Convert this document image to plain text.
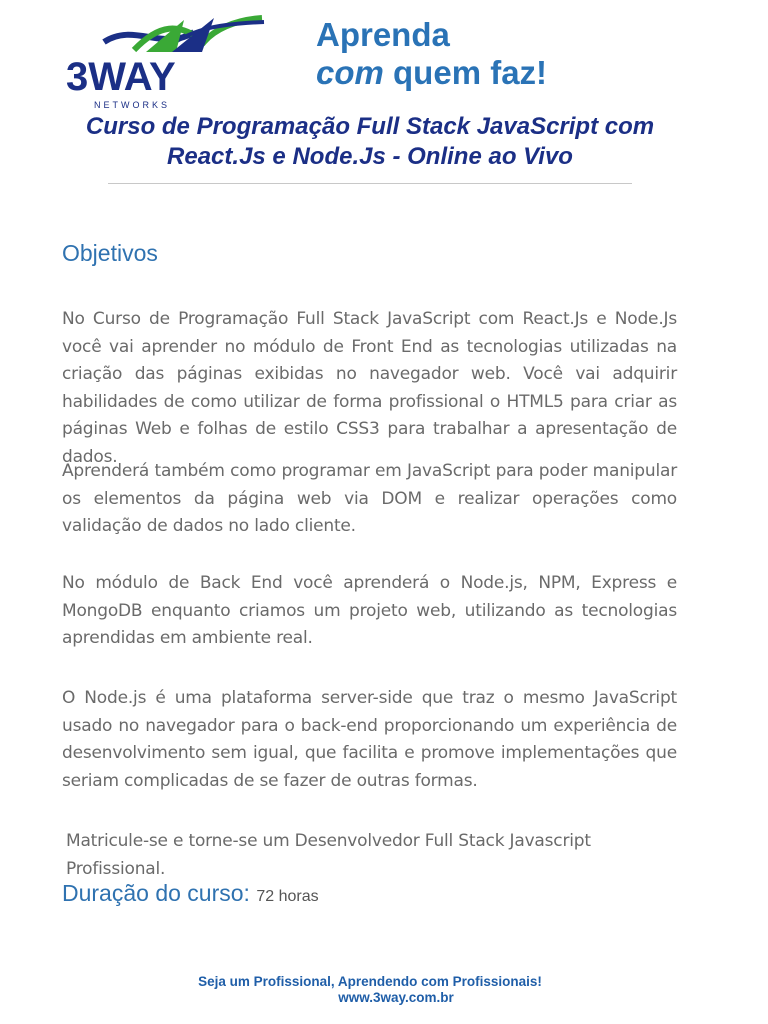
3WAY
NETWORKS
Aprenda
com quem faz!
Curso de Programação Full Stack JavaScript com
React.Js e Node.Js - Online ao Vivo
Objetivos
No Curso de Programação Full Stack JavaScript com React.Js e Node.Js você vai aprender no módulo de Front End as tecnologias utilizadas na criação das páginas exibidas no navegador web. Você vai adquirir habilidades de como utilizar de forma profissional o HTML5 para criar as páginas Web e folhas de estilo CSS3 para trabalhar a apresentação de dados.
Aprenderá também como programar em JavaScript para poder manipular os elementos da página web via DOM e realizar operações como validação de dados no lado cliente.
No módulo de Back End você aprenderá o Node.js, NPM, Express e MongoDB enquanto criamos um projeto web, utilizando as tecnologias aprendidas em ambiente real.
O Node.js é uma plataforma server-side que traz o mesmo JavaScript usado no navegador para o back-end proporcionando um experiência de desenvolvimento sem igual, que facilita e promove implementações que seriam complicadas de se fazer de outras formas.
Matricule-se e torne-se um Desenvolvedor Full Stack Javascript Profissional.
Duração do curso: 72 horas
Seja um Profissional, Aprendendo com Profissionais!
www.3way.com.br
